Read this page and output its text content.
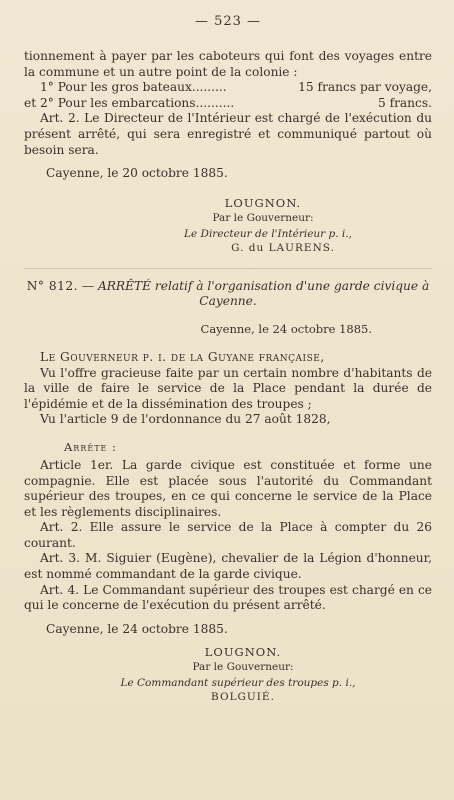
— 523 —

tionnement à payer par les caboteurs qui font des voyages entre la commune et un autre point de la colonie :

1° Pour les gros bateaux.........	15 francs par voyage,
et 2° Pour les embarcations..........	5 francs.

Art. 2. Le Directeur de l'Intérieur est chargé de l'exécution du présent arrêté, qui sera enregistré et communiqué partout où besoin sera.

Cayenne, le 20 octobre 1885.
LOUGNON.
Par le Gouverneur:
Le Directeur de l'Intérieur p. i.,
G. du LAURENS.
N° 812. — ARRÊTÉ relatif à l'organisation d'une garde civique à Cayenne.
Cayenne, le 24 octobre 1885.

Le Gouverneur p. i. de la Guyane française,

Vu l'offre gracieuse faite par un certain nombre d'habitants de la ville de faire le service de la Place pendant la durée de l'épidémie et de la dissémination des troupes ;

Vu l'article 9 de l'ordonnance du 27 août 1828,

Arrête :

Article 1er. La garde civique est constituée et forme une compagnie. Elle est placée sous l'autorité du Commandant supérieur des troupes, en ce qui concerne le service de la Place et les règlements disciplinaires.

Art. 2. Elle assure le service de la Place à compter du 26 courant.

Art. 3. M. Siguier (Eugène), chevalier de la Légion d'honneur, est nommé commandant de la garde civique.

Art. 4. Le Commandant supérieur des troupes est chargé en ce qui le concerne de l'exécution du présent arrêté.

Cayenne, le 24 octobre 1885.
LOUGNON.
Par le Gouverneur:
Le Commandant supérieur des troupes p. i.,
BOLGUIÉ.
